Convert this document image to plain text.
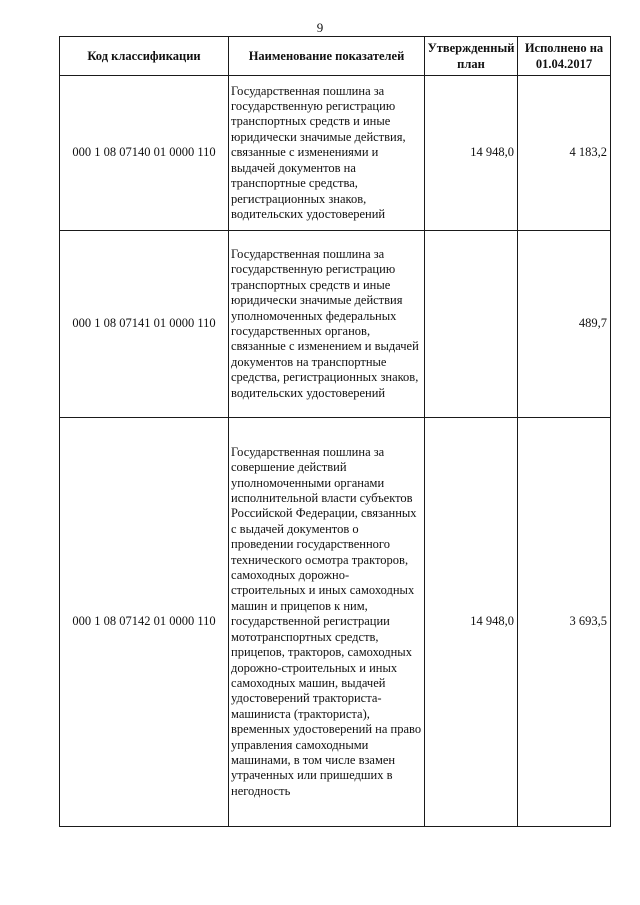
9
Код классификации	Наименование показателей	Утвержденный план	Исполнено на 01.04.2017
000 1 08 07140 01 0000 110	Государственная пошлина за государственную регистрацию транспортных средств и иные юридически значимые действия, связанные с изменениями и выдачей документов на транспортные средства, регистрационных знаков, водительских удостоверений	14 948,0	4 183,2
000 1 08 07141 01 0000 110	Государственная пошлина за государственную регистрацию транспортных средств и иные юридически значимые действия уполномоченных федеральных государственных органов, связанные с изменением и выдачей документов на транспортные средства, регистрационных знаков, водительских удостоверений		489,7
000 1 08 07142 01 0000 110	Государственная пошлина за совершение действий уполномоченными органами исполнительной власти субъектов Российской Федерации, связанных с выдачей документов о проведении государственного технического осмотра тракторов, самоходных дорожно-строительных и иных самоходных машин и прицепов к ним, государственной регистрации мототранспортных средств, прицепов, тракторов, самоходных дорожно-строительных и иных самоходных машин, выдачей удостоверений тракториста-машиниста (тракториста), временных удостоверений на право управления самоходными машинами, в том числе взамен утраченных или пришедших в негодность	14 948,0	3 693,5
